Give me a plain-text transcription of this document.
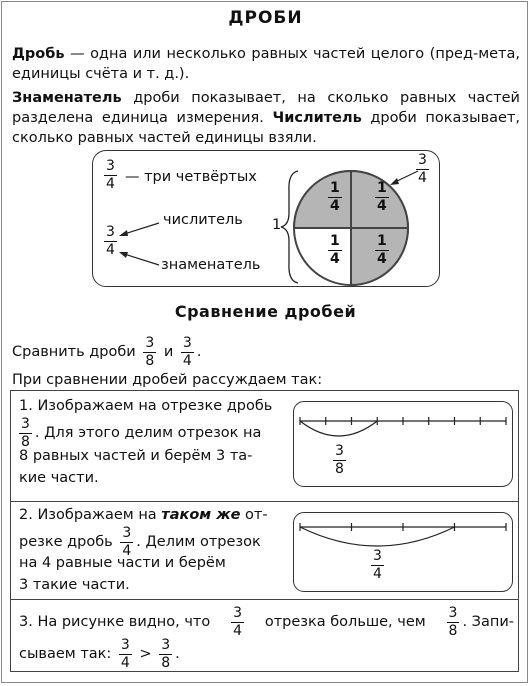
ДРОБИ
Дробь — одна или несколько равных частей целого (пред-мета, единицы счёта и т. д.).
Знаменатель дроби показывает, на сколько равных частей разделена единица измерения. Числитель дроби показывает, сколько равных частей единицы взяли.
$\frac{3}{4}$ — три четвёртых
$\frac{3}{4}$
числитель
знаменатель
1
$\frac{1}{4} \frac{1}{4}$
$\frac{1}{4} \frac{1}{4}$
$\frac{3}{4}$
Сравнение дробей
Сравнить дроби $\frac{3}{8}$ и $\frac{3}{4}$ .
При сравнении дробей рассуждаем так:
1. Изображаем на отрезке дробь
$\frac{3}{8}$ . Для этого делим отрезок на
8 равных частей и берём 3 та-
кие части.
$\frac{3}{8}$
2. Изображаем на таком же от-
резке дробь $\frac{3}{4}$ . Делим отрезок
на 4 равные части и берём
3 такие части.
$\frac{3}{4}$
3. На рисунке видно, что $\frac{3}{4}$ отрезка больше, чем $\frac{3}{8}$ . Запи-
сываем так: $\frac{3}{4} > \frac{3}{8}$ .
